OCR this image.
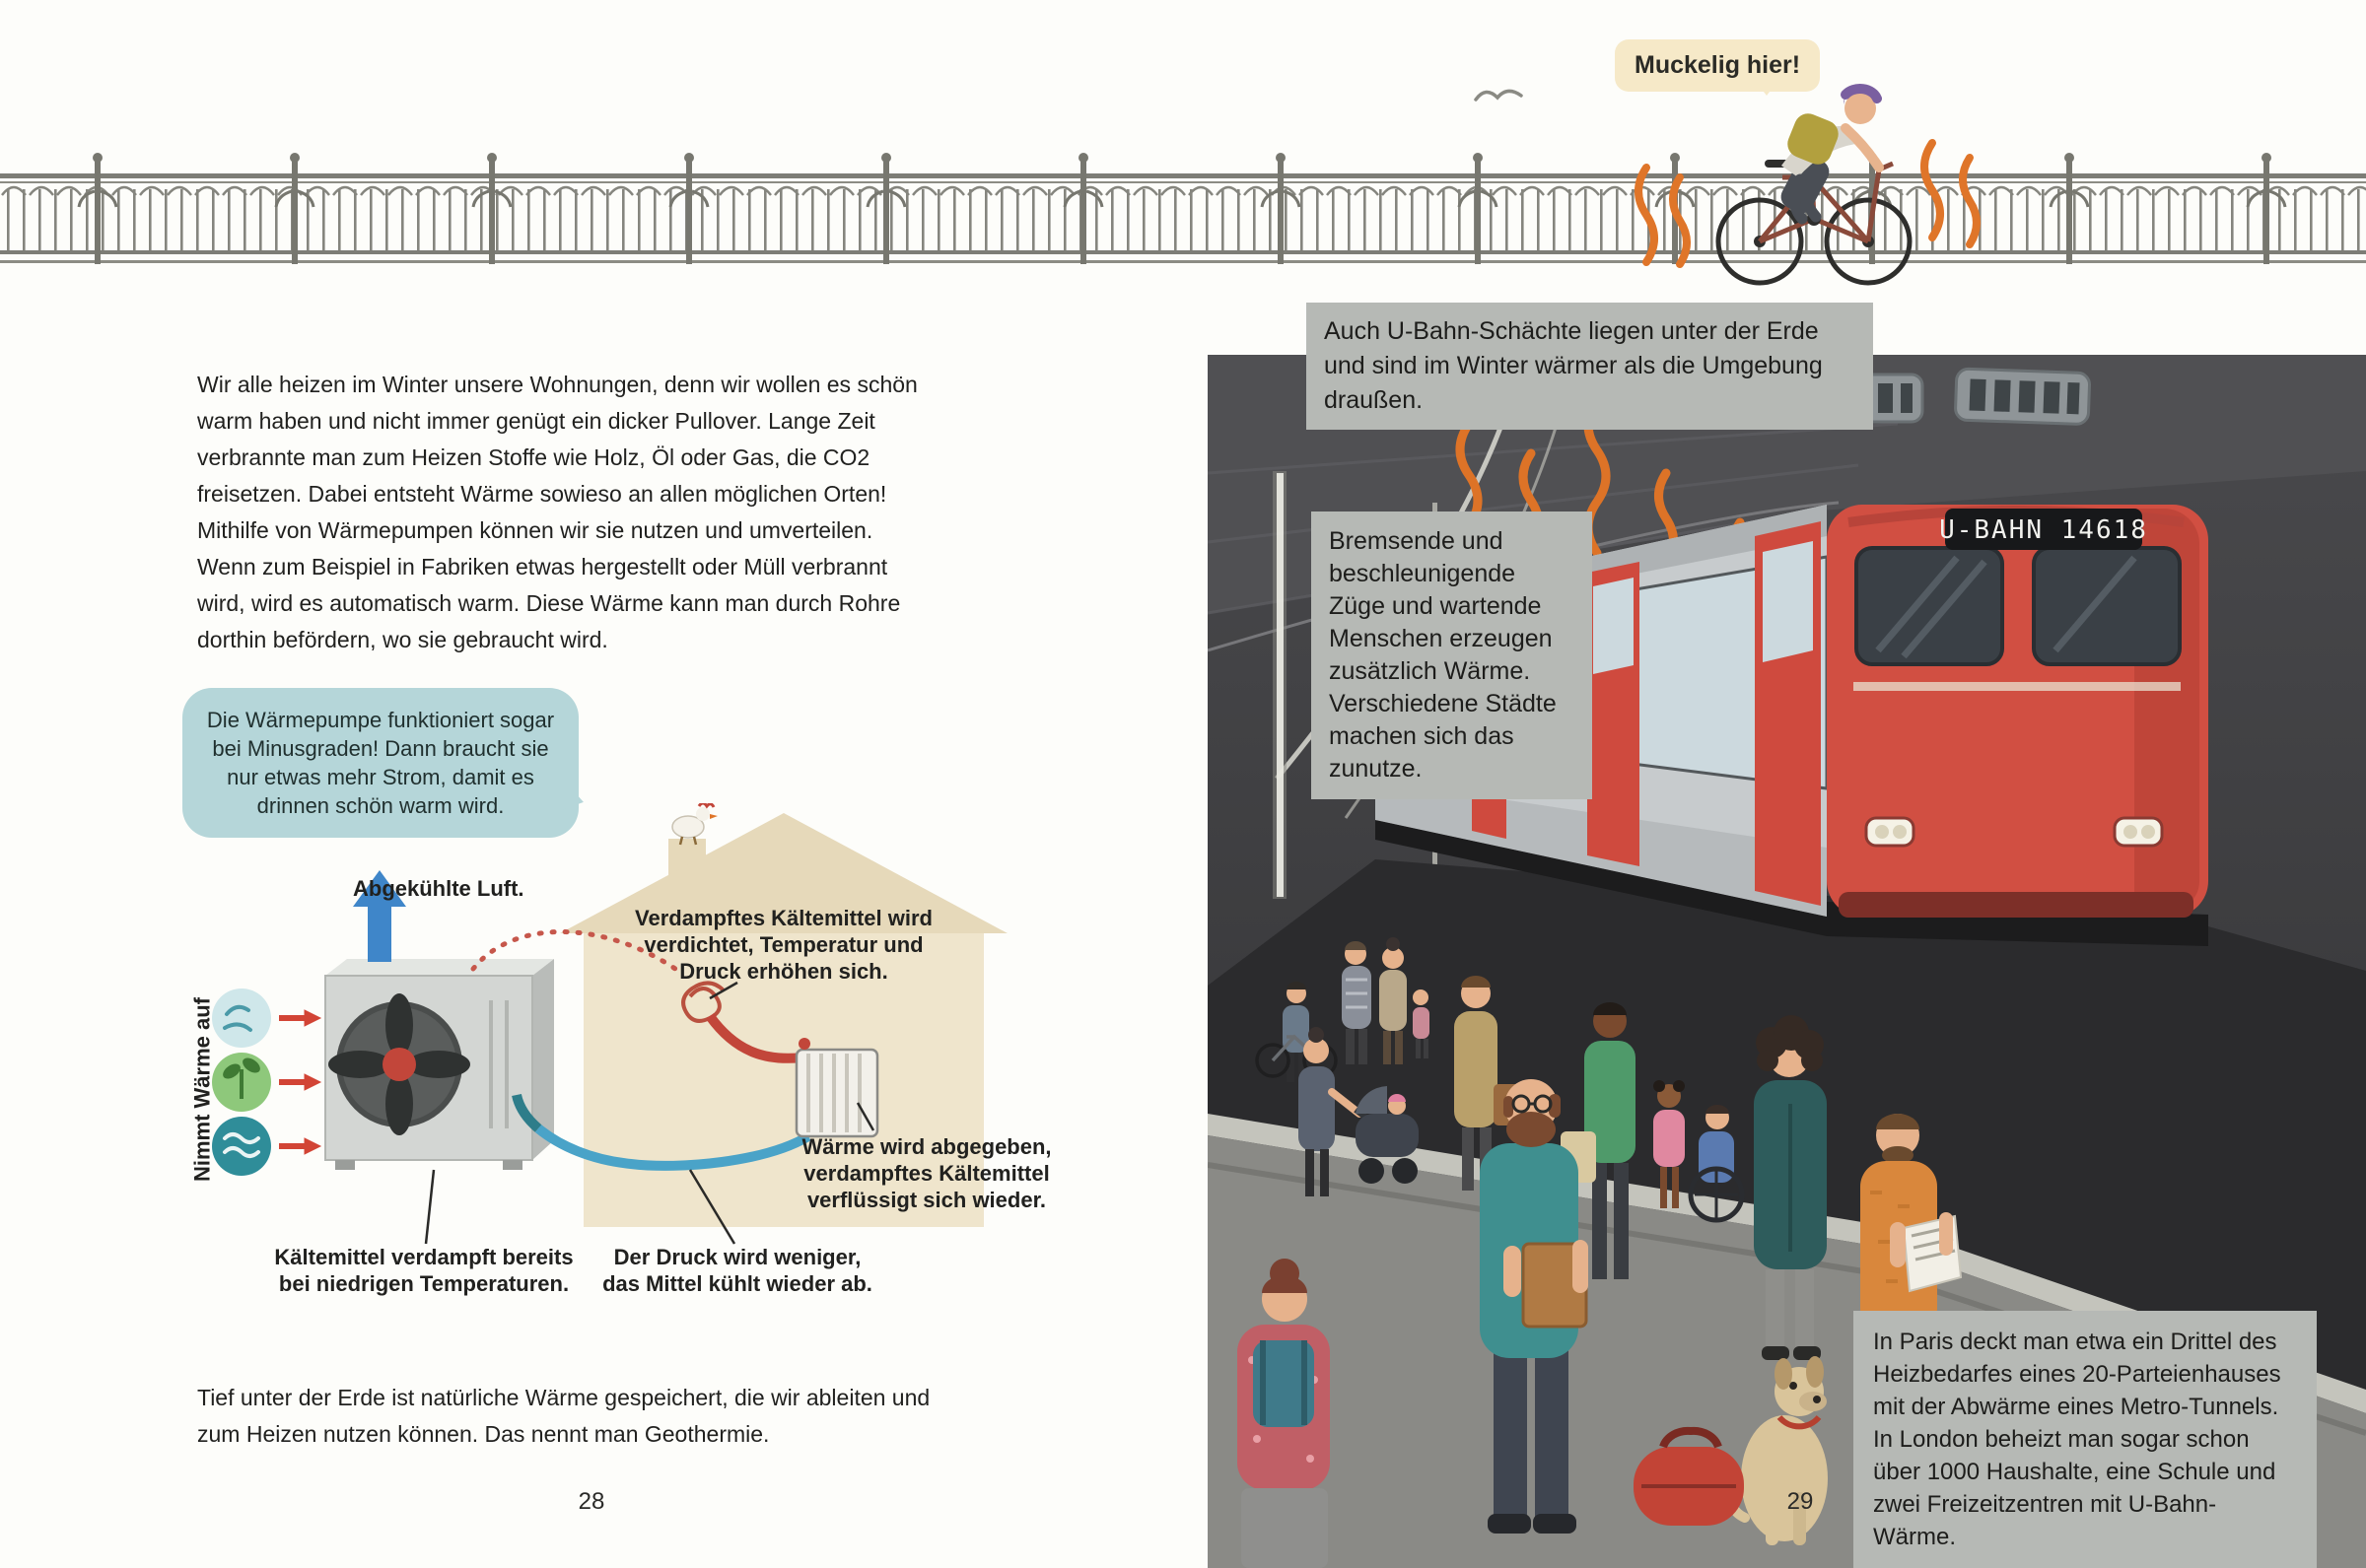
Muckelig hier!
Wir alle heizen im Winter unsere Wohnungen, denn wir wollen es schön warm haben und nicht immer genügt ein dicker Pullover. Lange Zeit verbrannte man zum Heizen Stoffe wie Holz, Öl oder Gas, die CO2 freisetzen. Dabei entsteht Wärme sowieso an allen möglichen Orten! Mithilfe von Wärmepumpen können wir sie nutzen und umverteilen. Wenn zum Beispiel in Fabriken etwas hergestellt oder Müll verbrannt wird, wird es automatisch warm. Diese Wärme kann man durch Rohre dorthin befördern, wo sie gebraucht wird.
Die Wärmepumpe funktioniert sogar bei Minusgraden! Dann braucht sie nur etwas mehr Strom, damit es drinnen schön warm wird.
Abgekühlte Luft.
Nimmt Wärme auf
Verdampftes Kältemittel wird verdichtet, Temperatur und Druck erhöhen sich.
Wärme wird abgegeben, verdampftes Kältemittel verflüssigt sich wieder.
Kältemittel verdampft bereits bei niedrigen Temperaturen.
Der Druck wird weniger, das Mittel kühlt wieder ab.
Tief unter der Erde ist natürliche Wärme gespeichert, die wir ableiten und zum Heizen nutzen können. Das nennt man Geothermie.
28
U-BAHN 14618
Auch U-Bahn-Schächte liegen unter der Erde und sind im Winter wärmer als die Umgebung draußen.
Bremsende und beschleunigende Züge und wartende Menschen erzeugen zusätzlich Wärme. Verschiedene Städte machen sich das zunutze.
In Paris deckt man etwa ein Drittel des Heizbedarfes eines 20-Parteienhauses mit der Abwärme eines Metro-Tunnels. In London beheizt man sogar schon über 1000 Haushalte, eine Schule und zwei Freizeitzentren mit U-Bahn-Wärme.
29
